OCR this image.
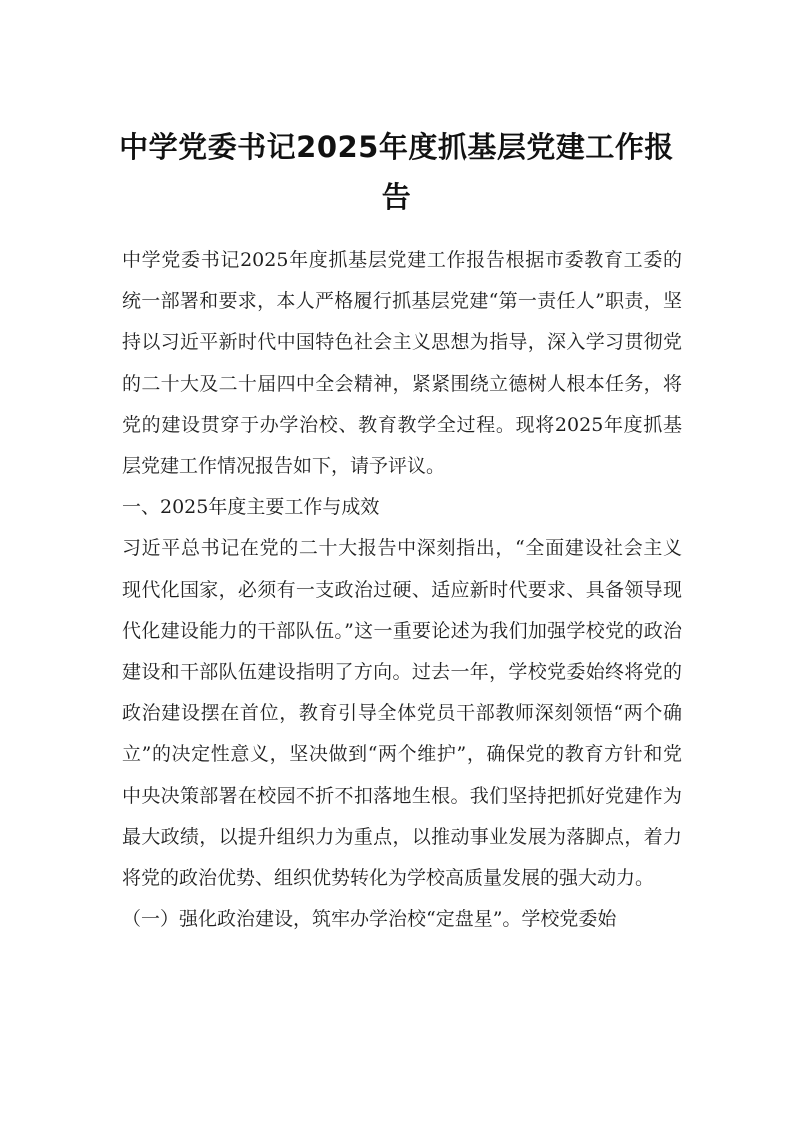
中学党委书记2025年度抓基层党建工作报
告

中学党委书记2025年度抓基层党建工作报告根据市委教育工委的统一部署和要求，本人严格履行抓基层党建“第一责任人”职责，坚持以习近平新时代中国特色社会主义思想为指导，深入学习贯彻党的二十大及二十届四中全会精神，紧紧围绕立德树人根本任务，将党的建设贯穿于办学治校、教育教学全过程。现将2025年度抓基层党建工作情况报告如下，请予评议。

一、2025年度主要工作与成效

习近平总书记在党的二十大报告中深刻指出，“全面建设社会主义现代化国家，必须有一支政治过硬、适应新时代要求、具备领导现代化建设能力的干部队伍。”这一重要论述为我们加强学校党的政治建设和干部队伍建设指明了方向。过去一年，学校党委始终将党的政治建设摆在首位，教育引导全体党员干部教师深刻领悟“两个确立”的决定性意义，坚决做到“两个维护”，确保党的教育方针和党中央决策部署在校园不折不扣落地生根。我们坚持把抓好党建作为最大政绩，以提升组织力为重点，以推动事业发展为落脚点，着力将党的政治优势、组织优势转化为学校高质量发展的强大动力。

（一）强化政治建设，筑牢办学治校“定盘星”。学校党委始
